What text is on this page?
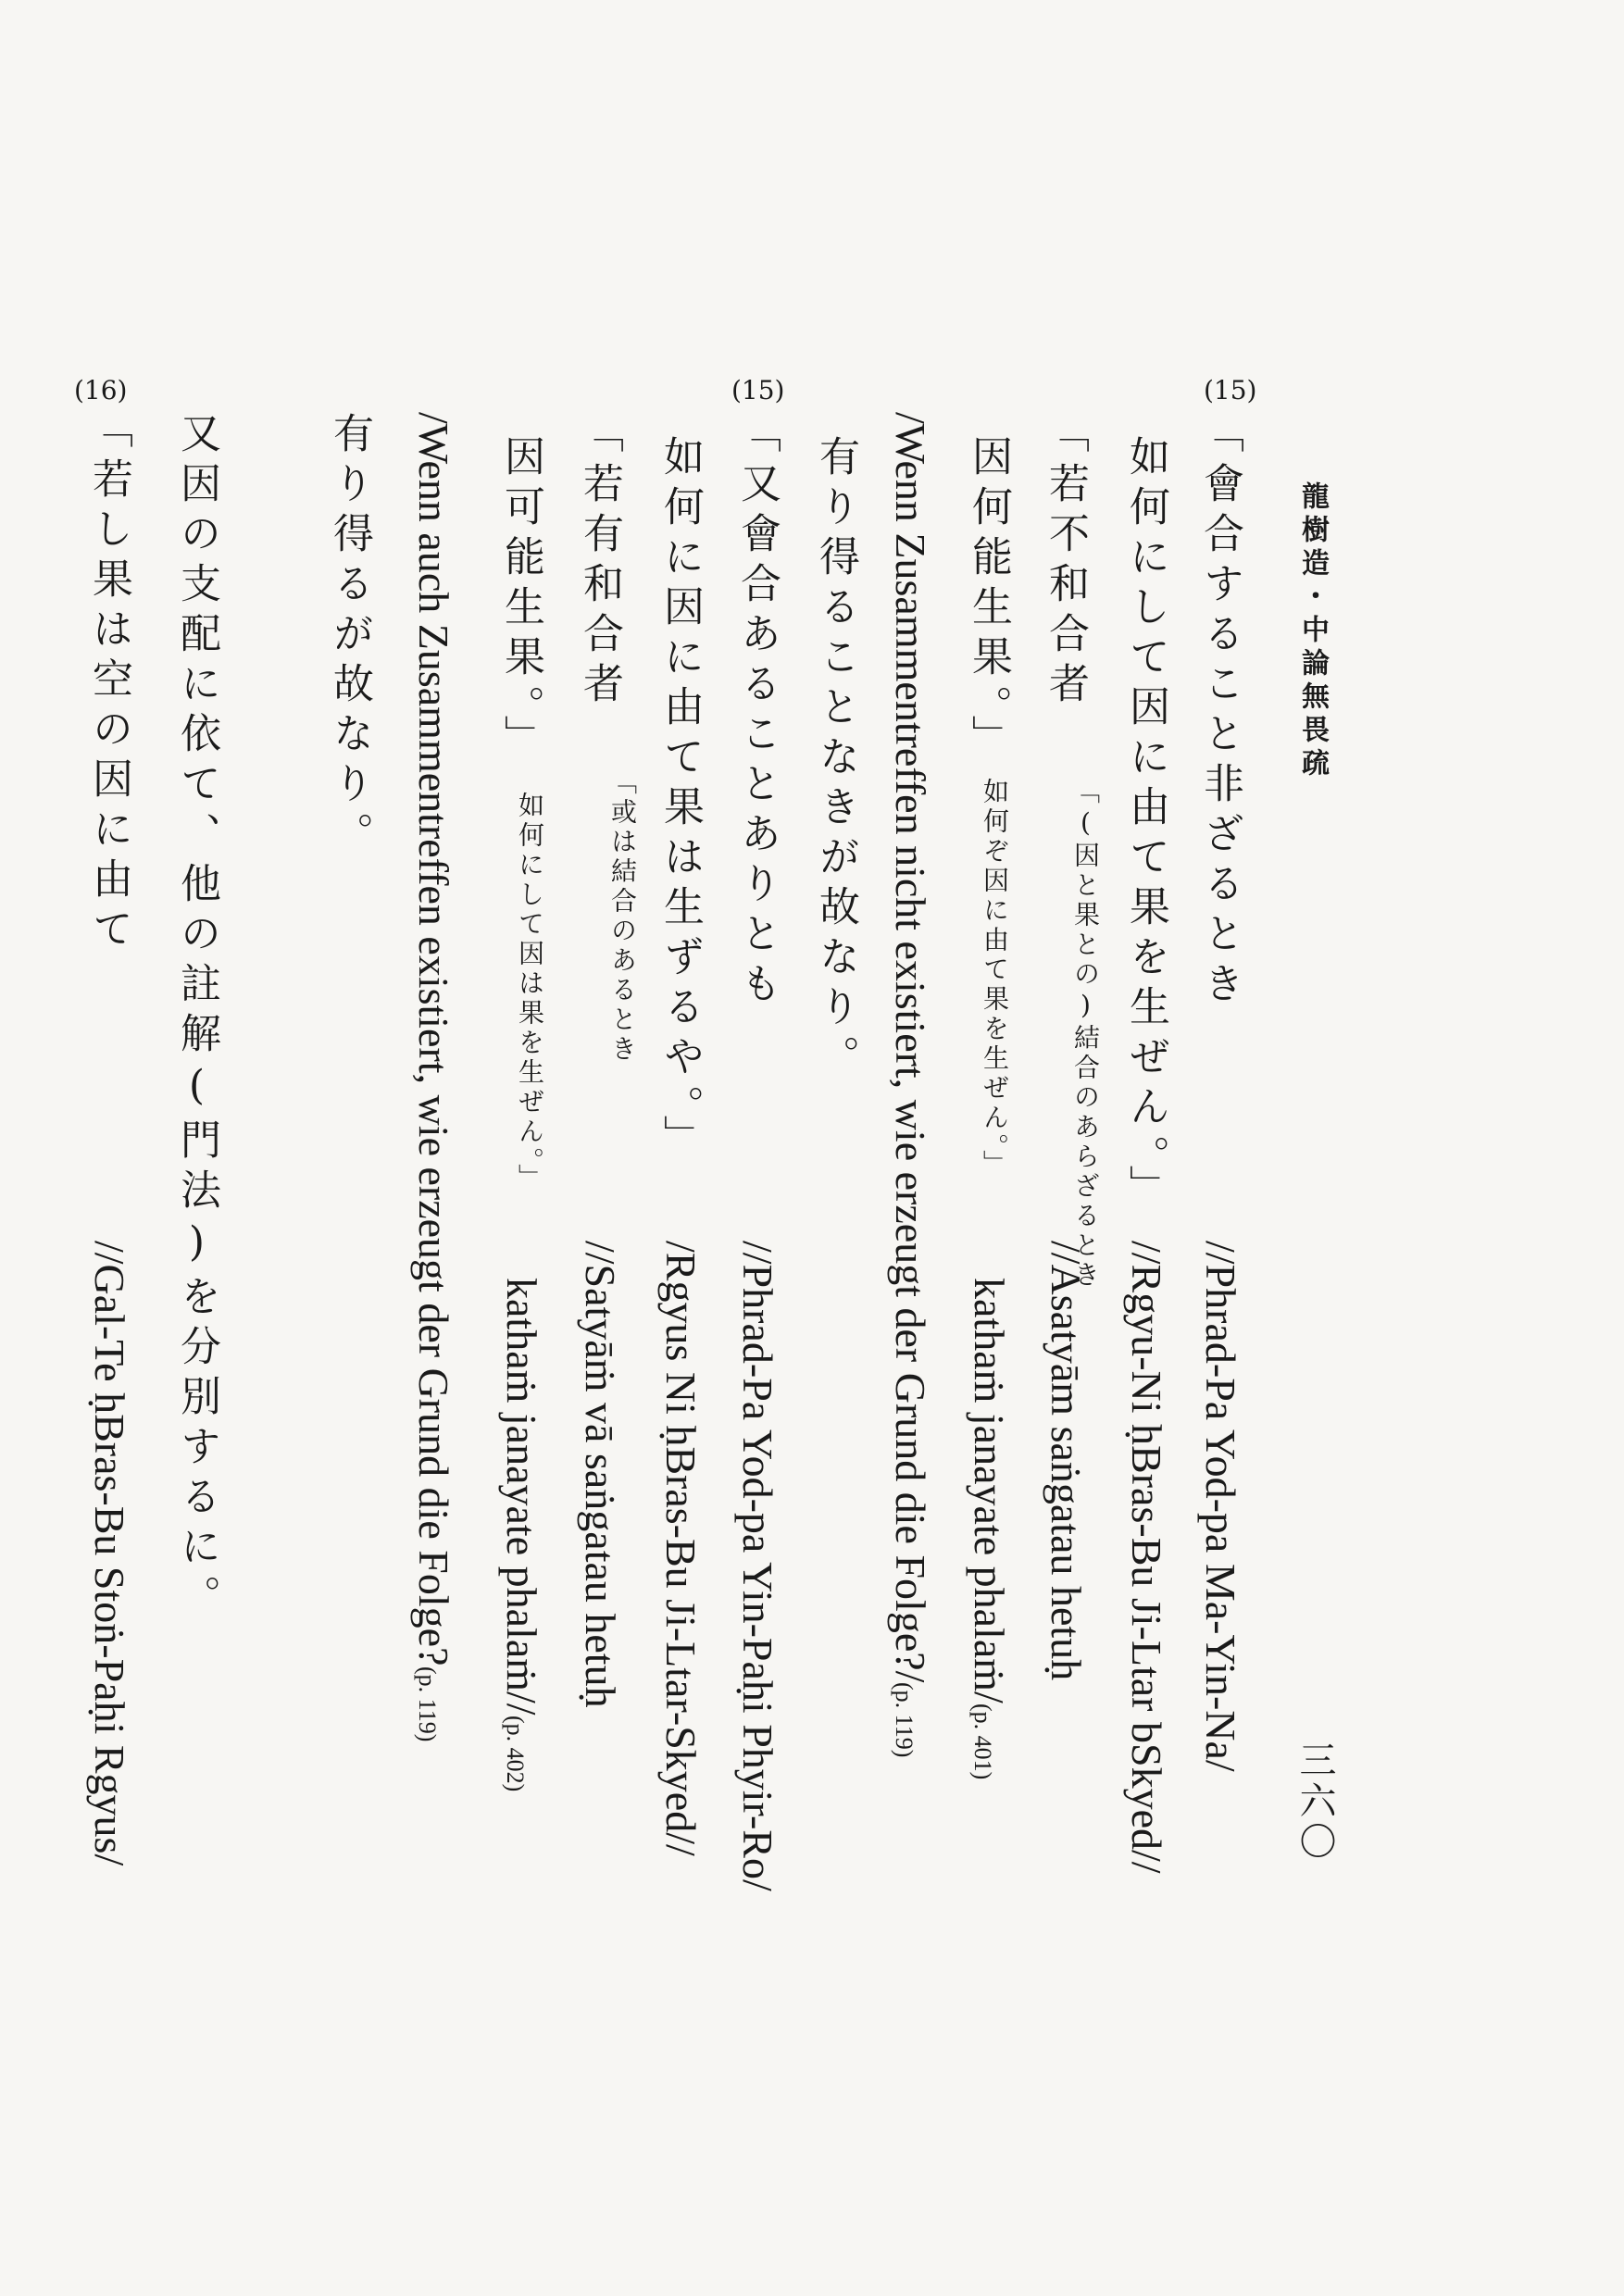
龍樹造・中論無畏疏
三六〇
(15)
(15)
(16)
「會合すること非ざるとき
如何にして因に由て果を生ぜん。」
「若不和合者
「(因と果との)結合のあらざるとき
因何能生果。」
如何ぞ因に由て果を生ぜん。」
有り得ることなきが故なり。
「又會合あることありとも
如何に因に由て果は生ずるや。」
「若有和合者
「或は結合のあるとき
因可能生果。」
如何にして因は果を生ぜん。」
有り得るが故なり。
又因の支配に依て、他の註解(門法)を分別するに。
「若し果は空の因に由て
//Phrad-Pa Yod-pa Ma-Yin-Na/
//Rgyu-Ni ḥBras-Bu Ji-Ltar bSkyed//
//Asatyām saṅgatau hetuḥ
kathaṁ janayate phalaṁ/(p. 401)
/Wenn Zusammentreffen nicht existiert, wie erzeugt der Grund die Folge?/(p. 119)
//Phrad-Pa Yod-pa Yin-Paḥi Phyir-Ro/
/Rgyus Ni ḥBras-Bu Ji-Ltar-Skyed//
//Satyāṁ vā saṅgatau hetuḥ
kathaṁ janayate phalaṁ//(p. 402)
/Wenn auch Zusammentreffen existiert, wie erzeugt der Grund die Folge?(p. 119)
//Gal-Te ḥBras-Bu Stoṅ-Paḥi Rgyus/
